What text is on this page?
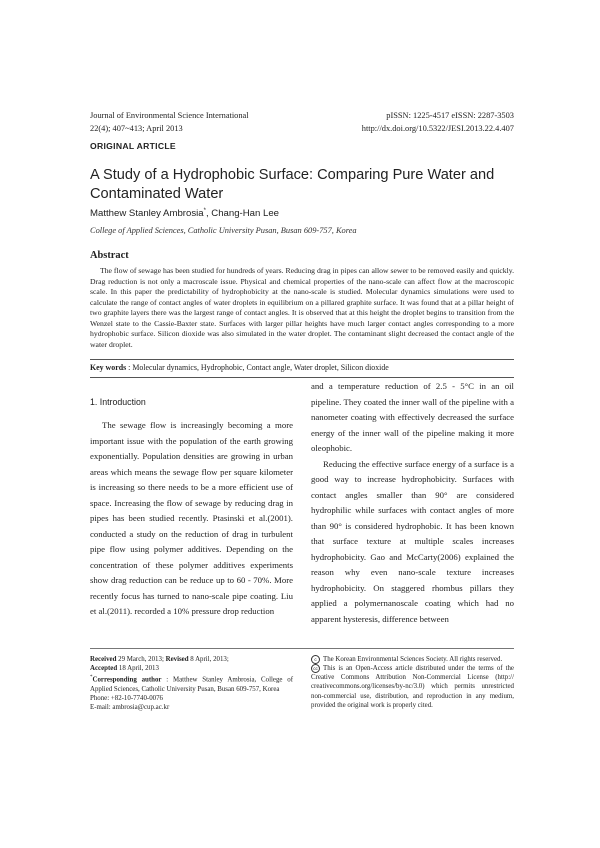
Journal of Environmental Science International
22(4); 407~413; April 2013
pISSN: 1225-4517 eISSN: 2287-3503
http://dx.doi.org/10.5322/JESI.2013.22.4.407
ORIGINAL ARTICLE
A Study of a Hydrophobic Surface: Comparing Pure Water and
Contaminated Water
Matthew Stanley Ambrosia*, Chang-Han Lee
College of Applied Sciences, Catholic University Pusan, Busan 609-757, Korea
Abstract

The flow of sewage has been studied for hundreds of years. Reducing drag in pipes can allow sewer to be removed easily and quickly. Drag reduction is not only a macroscale issue. Physical and chemical properties of the nano-scale can affect flow at the macroscopic scale. In this paper the predictability of hydrophobicity at the nano-scale is studied. Molecular dynamics simulations were used to calculate the range of contact angles of water droplets in equilibrium on a pillared graphite surface. It was found that at a pillar height of two graphite layers there was the largest range of contact angles. It is observed that at this height the droplet begins to transition from the Wenzel state to the Cassie-Baxter state. Surfaces with larger pillar heights have much larger contact angles corresponding to a more hydrophobic surface. Silicon dioxide was also simulated in the water droplet. The contaminant slight decreased the contact angle of the water droplet.

Key words : Molecular dynamics, Hydrophobic, Contact angle, Water droplet, Silicon dioxide
1. Introduction

The sewage flow is increasingly becoming a more important issue with the population of the earth growing exponentially. Population densities are growing in urban areas which means the sewage flow per square kilometer is increasing so there needs to be a more efficient use of space. Increasing the flow of sewage by reducing drag in pipes has been studied recently. Ptasinski et al.(2001). conducted a study on the reduction of drag in turbulent pipe flow using polymer additives. Depending on the concentration of these polymer additives experiments show drag reduction can be reduce up to 60 - 70%. More recently focus has turned to nano-scale pipe coating. Liu et al.(2011). recorded a 10% pressure drop reduction

and a temperature reduction of 2.5 - 5°C in an oil pipeline. They coated the inner wall of the pipeline with a nanometer coating with effectively decreased the surface energy of the inner wall of the pipeline making it more oleophobic.

Reducing the effective surface energy of a surface is a good way to increase hydrophobicity. Surfaces with contact angles smaller than 90° are considered hydrophilic while surfaces with contact angles of more than 90° is considered hydrophobic. It has been known that surface texture at multiple scales increases hydrophobicity. Gao and McCarty(2006) explained the reason why even nano-scale texture increases hydrophobicity. On staggered rhombus pillars they applied a polymernanoscale coating which had no apparent hysteresis, difference between

Received 29 March, 2013; Revised 8 April, 2013;
Accepted 18 April, 2013
*Corresponding author : Matthew Stanley Ambrosia, College of Applied Sciences, Catholic University Pusan, Busan 609-757, Korea
Phone: +82-10-7740-0076
E-mail: ambrosia@cup.ac.kr
c The Korean Environmental Sciences Society. All rights reserved.
cc This is an Open-Access article distributed under the terms of the Creative Commons Attribution Non-Commercial License (http:// creativecommons.org/licenses/by-nc/3.0) which permits unrestricted non-commercial use, distribution, and reproduction in any medium, provided the original work is properly cited.
